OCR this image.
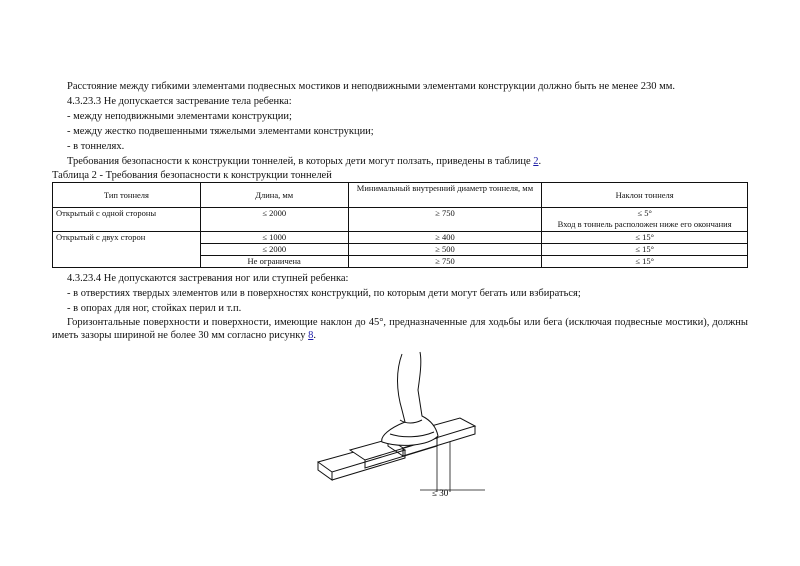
Расстояние между гибкими элементами подвесных мостиков и неподвижными элементами конструкции должно быть не менее 230 мм.
4.3.23.3 Не допускается застревание тела ребенка:
- между неподвижными элементами конструкции;
- между жестко подвешенными тяжелыми элементами конструкции;
- в тоннелях.
Требования безопасности к конструкции тоннелей, в которых дети могут ползать, приведены в таблице 2.
Таблица 2 - Требования безопасности к конструкции тоннелей
Тип тоннеля	Длина, мм	Минимальный внутренний диаметр тоннеля, мм	Наклон тоннеля
Открытый с одной стороны	≤ 2000	≥ 750	≤ 5°
Вход в тоннель расположен ниже его окончания

Открытый с двух сторон	≤ 1000	≥ 400	≤ 15°
	≤ 2000	≥ 500	≤ 15°
	Не ограничена	≥ 750	≤ 15°
4.3.23.4 Не допускаются застревания ног или ступней ребенка:
- в отверстиях твердых элементов или в поверхностях конструкций, по которым дети могут бегать или взбираться;
- в опорах для ног, стойках перил и т.п.
Горизонтальные поверхности и поверхности, имеющие наклон до 45°, предназначенные для ходьбы или бега (исключая подвесные мостики), должны иметь зазоры шириной не более 30 мм согласно рисунку 8.
≤ 30
